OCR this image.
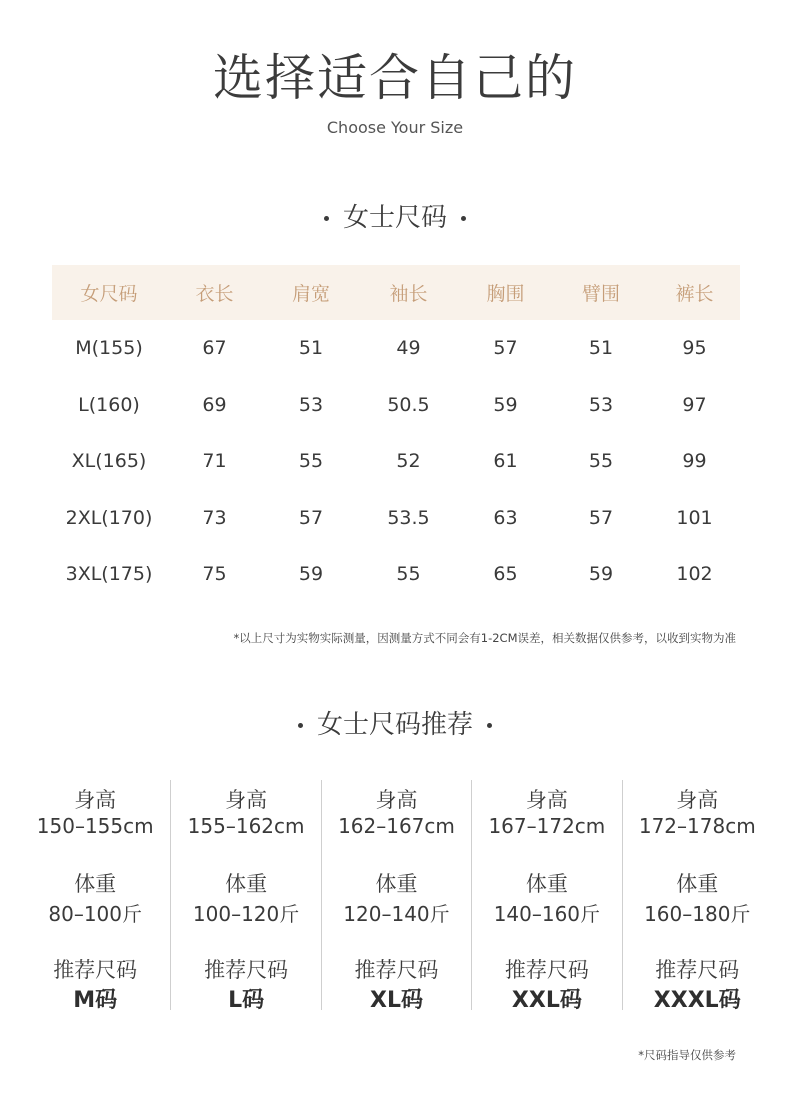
选择适合自己的
Choose Your Size
女士尺码
女尺码	衣长	肩宽	袖长	胸围	臂围	裤长
M(155)	67	51	49	57	51	95
L(160)	69	53	50.5	59	53	97
XL(165)	71	55	52	61	55	99
2XL(170)	73	57	53.5	63	57	101
3XL(175)	75	59	55	65	59	102
*以上尺寸为实物实际测量，因测量方式不同会有1-2CM误差，相关数据仅供参考，以收到实物为准
女士尺码推荐
身高
150–155cm
体重
80–100斤
推荐尺码
M码
身高
155–162cm
体重
100–120斤
推荐尺码
L码
身高
162–167cm
体重
120–140斤
推荐尺码
XL码
身高
167–172cm
体重
140–160斤
推荐尺码
XXL码
身高
172–178cm
体重
160–180斤
推荐尺码
XXXL码
*尺码指导仅供参考
